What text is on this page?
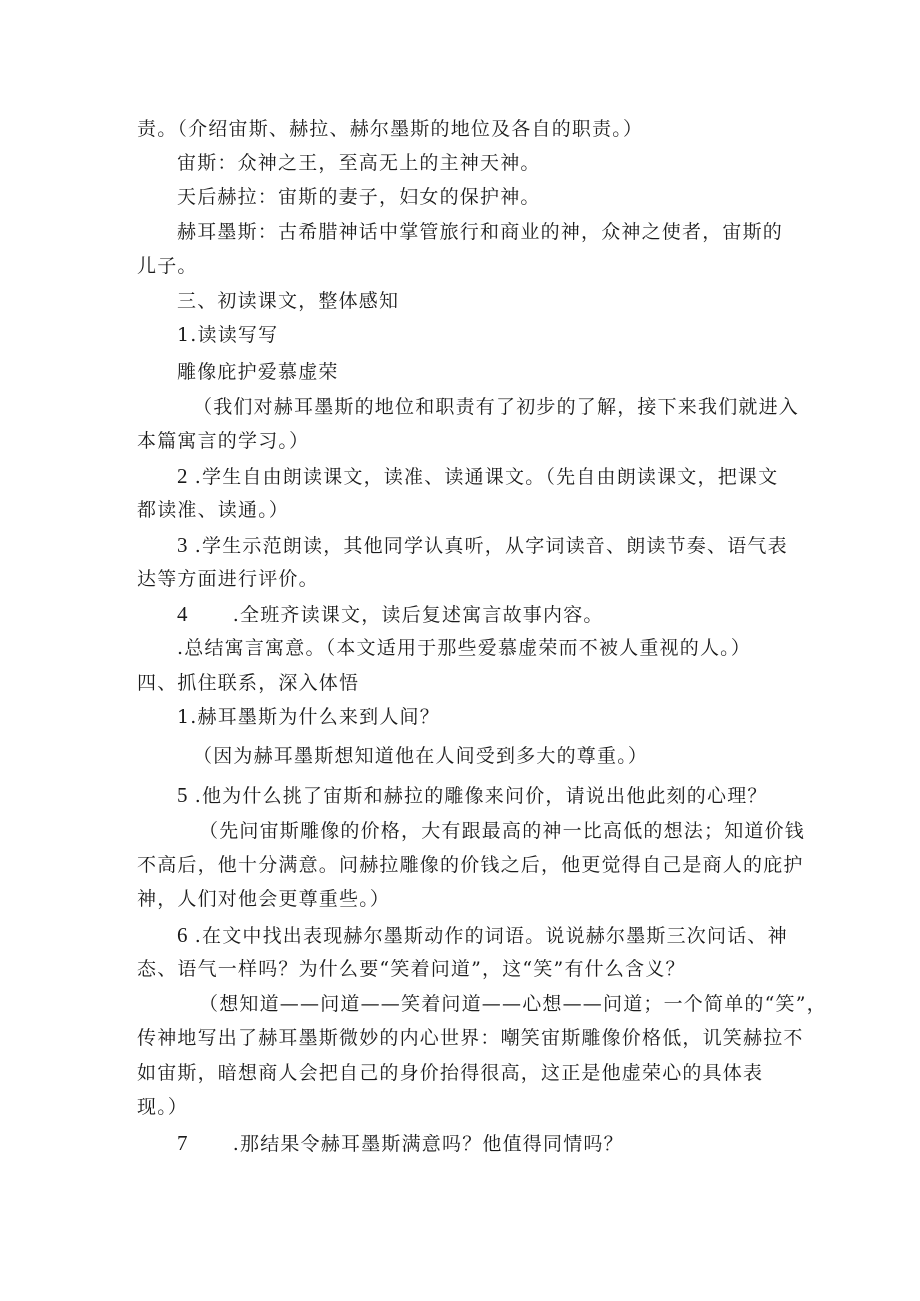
责。（介绍宙斯、赫拉、赫尔墨斯的地位及各自的职责。）
宙斯：众神之王，至高无上的主神天神。
天后赫拉：宙斯的妻子，妇女的保护神。
赫耳墨斯：古希腊神话中掌管旅行和商业的神，众神之使者，宙斯的
儿子。
三、初读课文，整体感知
1.读读写写
雕像庇护爱慕虚荣
（我们对赫耳墨斯的地位和职责有了初步的了解，接下来我们就进入
本篇寓言的学习。）
2 .学生自由朗读课文，读准、读通课文。（先自由朗读课文，把课文
都读准、读通。）
3 .学生示范朗读，其他同学认真听，从字词读音、朗读节奏、语气表
达等方面进行评价。
4 .全班齐读课文，读后复述寓言故事内容。
.总结寓言寓意。（本文适用于那些爱慕虚荣而不被人重视的人。）
四、抓住联系，深入体悟
1.赫耳墨斯为什么来到人间？
（因为赫耳墨斯想知道他在人间受到多大的尊重。）
5 .他为什么挑了宙斯和赫拉的雕像来问价，请说出他此刻的心理？
（先问宙斯雕像的价格，大有跟最高的神一比高低的想法；知道价钱
不高后，他十分满意。问赫拉雕像的价钱之后，他更觉得自己是商人的庇护
神，人们对他会更尊重些。）
6 .在文中找出表现赫尔墨斯动作的词语。说说赫尔墨斯三次问话、神
态、语气一样吗？为什么要“笑着问道”，这“笑”有什么含义？
（想知道——问道——笑着问道——心想——问道；一个简单的“笑”，
传神地写出了赫耳墨斯微妙的内心世界：嘲笑宙斯雕像价格低，讥笑赫拉不
如宙斯，暗想商人会把自己的身价抬得很高，这正是他虚荣心的具体表
现。）
7 .那结果令赫耳墨斯满意吗？他值得同情吗？
